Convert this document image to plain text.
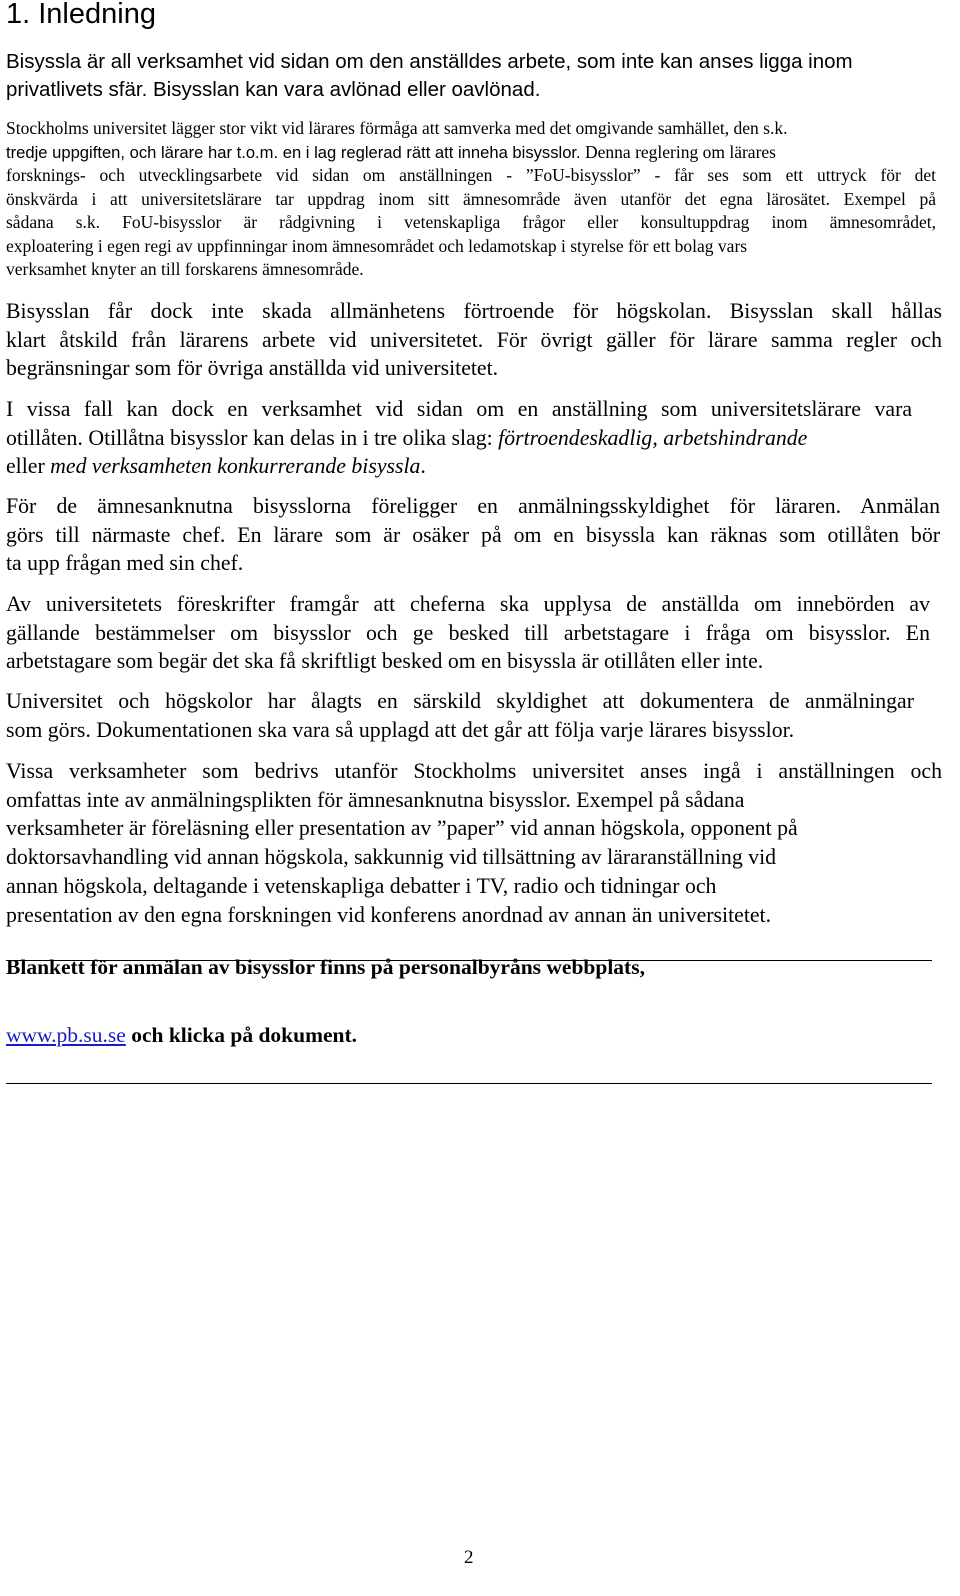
1. Inledning
Bisyssla är all verksamhet vid sidan om den anställdes arbete, som inte kan anses ligga inom
privatlivets sfär. Bisysslan kan vara avlönad eller oavlönad.
Stockholms universitet lägger stor vikt vid lärares förmåga att samverka med det omgivande samhället, den s.k.
tredje uppgiften, och lärare har t.o.m. en i lag reglerad rätt att inneha bisysslor. Denna reglering om lärares
forsknings- och utvecklingsarbete vid sidan om anställningen - ”FoU-bisysslor” - får ses som ett uttryck för det
önskvärda i att universitetslärare tar uppdrag inom sitt ämnesområde även utanför det egna lärosätet. Exempel på
sådana s.k. FoU-bisysslor är rådgivning i vetenskapliga frågor eller konsultuppdrag inom ämnesområdet,
exploatering i egen regi av uppfinningar inom ämnesområdet och ledamotskap i styrelse för ett bolag vars
verksamhet knyter an till forskarens ämnesområde.
Bisysslan får dock inte skada allmänhetens förtroende för högskolan. Bisysslan skall hållas
klart åtskild från lärarens arbete vid universitetet. För övrigt gäller för lärare samma regler och
begränsningar som för övriga anställda vid universitetet.
I vissa fall kan dock en verksamhet vid sidan om en anställning som universitetslärare vara
otillåten. Otillåtna bisysslor kan delas in i tre olika slag: förtroendeskadlig, arbetshindrande
eller med verksamheten konkurrerande bisyssla.
För de ämnesanknutna bisysslorna föreligger en anmälningsskyldighet för läraren. Anmälan
görs till närmaste chef. En lärare som är osäker på om en bisyssla kan räknas som otillåten bör
ta upp frågan med sin chef.
Av universitetets föreskrifter framgår att cheferna ska upplysa de anställda om innebörden av
gällande bestämmelser om bisysslor och ge besked till arbetstagare i fråga om bisysslor. En
arbetstagare som begär det ska få skriftligt besked om en bisyssla är otillåten eller inte.
Universitet och högskolor har ålagts en särskild skyldighet att dokumentera de anmälningar
som görs. Dokumentationen ska vara så upplagd att det går att följa varje lärares bisysslor.
Vissa verksamheter som bedrivs utanför Stockholms universitet anses ingå i anställningen och
omfattas inte av anmälningsplikten för ämnesanknutna bisysslor. Exempel på sådana
verksamheter är föreläsning eller presentation av ”paper” vid annan högskola, opponent på
doktorsavhandling vid annan högskola, sakkunnig vid tillsättning av läraranställning vid
annan högskola, deltagande i vetenskapliga debatter i TV, radio och tidningar och
presentation av den egna forskningen vid konferens anordnad av annan än universitetet.
Blankett för anmälan av bisysslor finns på personalbyråns webbplats,
www.pb.su.se och klicka på dokument.
2
